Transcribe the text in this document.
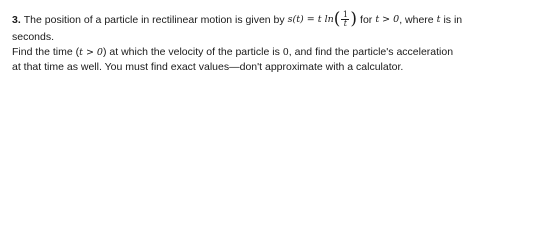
3. The position of a particle in rectilinear motion is given by s(t) = t ln ( $\frac{1}{t}$ ) for t > 0 , where t is in
seconds.
Find the time (t > 0) at which the velocity of the particle is 0, and find the particle's acceleration
at that time as well. You must find exact values—don't approximate with a calculator.
